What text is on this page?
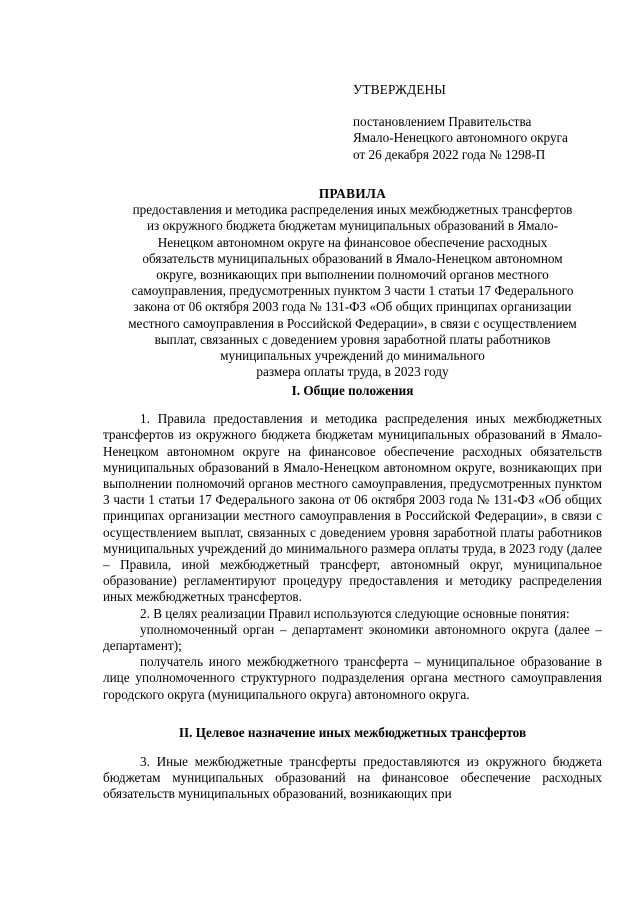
УТВЕРЖДЕНЫ
постановлением Правительства
Ямало-Ненецкого автономного округа
от 26 декабря 2022 года № 1298-П
ПРАВИЛА
предоставления и методика распределения иных межбюджетных трансфертов
из окружного бюджета бюджетам муниципальных образований в Ямало-
Ненецком автономном округе на финансовое обеспечение расходных
обязательств муниципальных образований в Ямало-Ненецком автономном
округе, возникающих при выполнении полномочий органов местного
самоуправления, предусмотренных пунктом 3 части 1 статьи 17 Федерального
закона от 06 октября 2003 года № 131-ФЗ «Об общих принципах организации
местного самоуправления в Российской Федерации», в связи с осуществлением
выплат, связанных с доведением уровня заработной платы работников
муниципальных учреждений до минимального
размера оплаты труда, в 2023 году
I. Общие положения

1. Правила предоставления и методика распределения иных межбюджетных трансфертов из окружного бюджета бюджетам муниципальных образований в Ямало-Ненецком автономном округе на финансовое обеспечение расходных обязательств муниципальных образований в Ямало-Ненецком автономном округе, возникающих при выполнении полномочий органов местного самоуправления, предусмотренных пунктом 3 части 1 статьи 17 Федерального закона от 06 октября 2003 года № 131-ФЗ «Об общих принципах организации местного самоуправления в Российской Федерации», в связи с осуществлением выплат, связанных с доведением уровня заработной платы работников муниципальных учреждений до минимального размера оплаты труда, в 2023 году (далее – Правила, иной межбюджетный трансферт, автономный округ, муниципальное образование) регламентируют процедуру предоставления и методику распределения иных межбюджетных трансфертов.

2. В целях реализации Правил используются следующие основные понятия:

уполномоченный орган – департамент экономики автономного округа (далее – департамент);

получатель иного межбюджетного трансферта – муниципальное образование в лице уполномоченного структурного подразделения органа местного самоуправления городского округа (муниципального округа) автономного округа.

II. Целевое назначение иных межбюджетных трансфертов

3. Иные межбюджетные трансферты предоставляются из окружного бюджета бюджетам муниципальных образований на финансовое обеспечение расходных обязательств муниципальных образований, возникающих при
